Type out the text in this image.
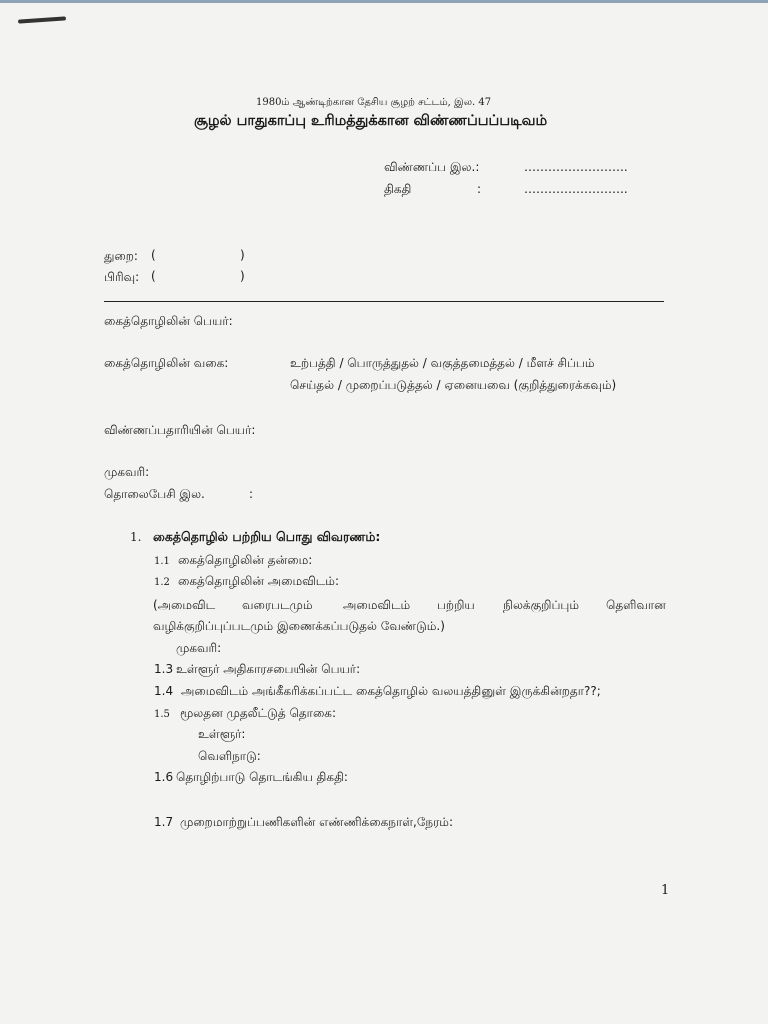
1980ம் ஆண்டிற்கான தேசிய சூழற் சட்டம், இல. 47
சூழல் பாதுகாப்பு உரிமத்துக்கான விண்ணப்பப்படிவம்
விண்ணப்ப இல.:	……………………..
திகதி	:	……………………..
துறை: (	)
பிரிவு: (	)
கைத்தொழிலின் பெயர்:
கைத்தொழிலின் வகை:	உற்பத்தி / பொருத்துதல் / வகுத்தமைத்தல் / மீளச் சிப்பம்
செய்தல் / முறைப்படுத்தல் / ஏனையவை (குறித்துரைக்கவும்)
விண்ணப்பதாரியின் பெயர்:
முகவரி:
தொலைபேசி இல.	:
1. கைத்தொழில் பற்றிய பொது விவரணம்:
1.1 கைத்தொழிலின் தன்மை:
1.2 கைத்தொழிலின் அமைவிடம்:
(அமைவிட வரைபடமும்	அமைவிடம் பற்றிய நிலக்குறிப்பும் தெளிவான
வழிக்குறிப்புப்படமும் இணைக்கப்படுதல் வேண்டும்.)
முகவரி:
1.3 உள்ளூர் அதிகாரசபையின் பெயர்:
1.4 அமைவிடம் அங்கீகரிக்கப்பட்ட கைத்தொழில் வலயத்தினுள் இருக்கின்றதா??;
1.5 மூலதன முதலீட்டுத் தொகை:
உள்ளூர்:
வெளிநாடு:
1.6 தொழிற்பாடு தொடங்கிய திகதி:
1.7 முறைமாற்றுப்பணிகளின் எண்ணிக்கைநாள்,நேரம்:
1
